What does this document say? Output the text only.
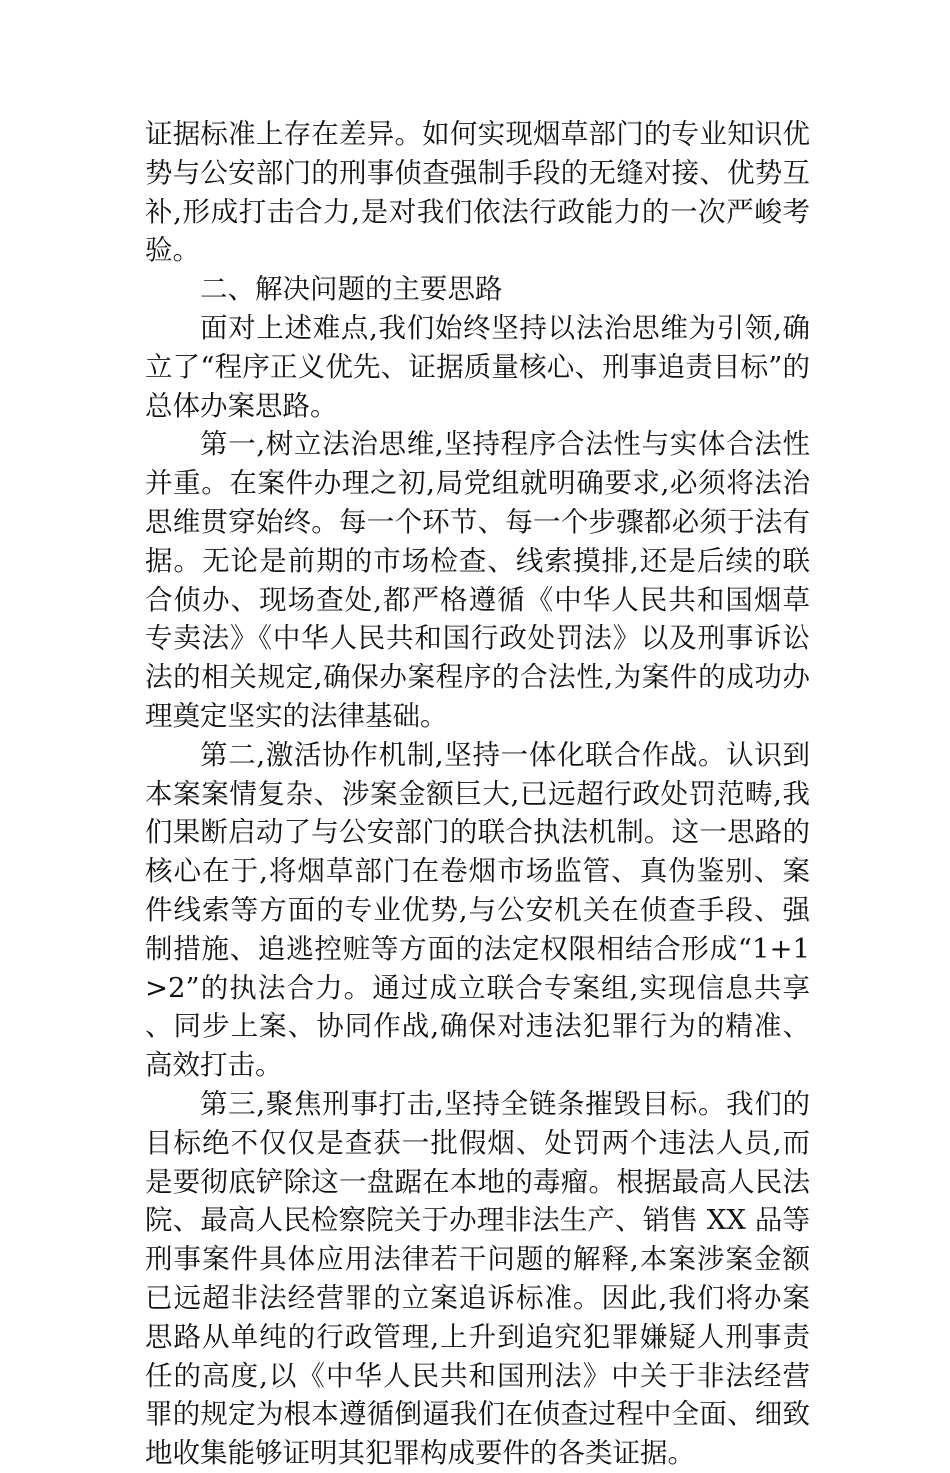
证据标准上存在差异。如何实现烟草部门的专业知识优势与公安部门的刑事侦查强制手段的无缝对接、优势互补,形成打击合力,是对我们依法行政能力的一次严峻考验。

二、解决问题的主要思路

面对上述难点,我们始终坚持以法治思维为引领,确立了“程序正义优先、证据质量核心、刑事追责目标”的总体办案思路。

第一,树立法治思维,坚持程序合法性与实体合法性并重。在案件办理之初,局党组就明确要求,必须将法治思维贯穿始终。每一个环节、每一个步骤都必须于法有据。无论是前期的市场检查、线索摸排,还是后续的联合侦办、现场查处,都严格遵循《中华人民共和国烟草专卖法》《中华人民共和国行政处罚法》以及刑事诉讼法的相关规定,确保办案程序的合法性,为案件的成功办理奠定坚实的法律基础。

第二,激活协作机制,坚持一体化联合作战。认识到本案案情复杂、涉案金额巨大,已远超行政处罚范畴,我们果断启动了与公安部门的联合执法机制。这一思路的核心在于,将烟草部门在卷烟市场监管、真伪鉴别、案件线索等方面的专业优势,与公安机关在侦查手段、强制措施、追逃控赃等方面的法定权限相结合形成“1+1>2”的执法合力。通过成立联合专案组,实现信息共享、同步上案、协同作战,确保对违法犯罪行为的精准、高效打击。

第三,聚焦刑事打击,坚持全链条摧毁目标。我们的目标绝不仅仅是查获一批假烟、处罚两个违法人员,而是要彻底铲除这一盘踞在本地的毒瘤。根据最高人民法院、最高人民检察院关于办理非法生产、销售 XX 品等刑事案件具体应用法律若干问题的解释,本案涉案金额已远超非法经营罪的立案追诉标准。因此,我们将办案思路从单纯的行政管理,上升到追究犯罪嫌疑人刑事责任的高度,以《中华人民共和国刑法》中关于非法经营罪的规定为根本遵循倒逼我们在侦查过程中全面、细致地收集能够证明其犯罪构成要件的各类证据。
